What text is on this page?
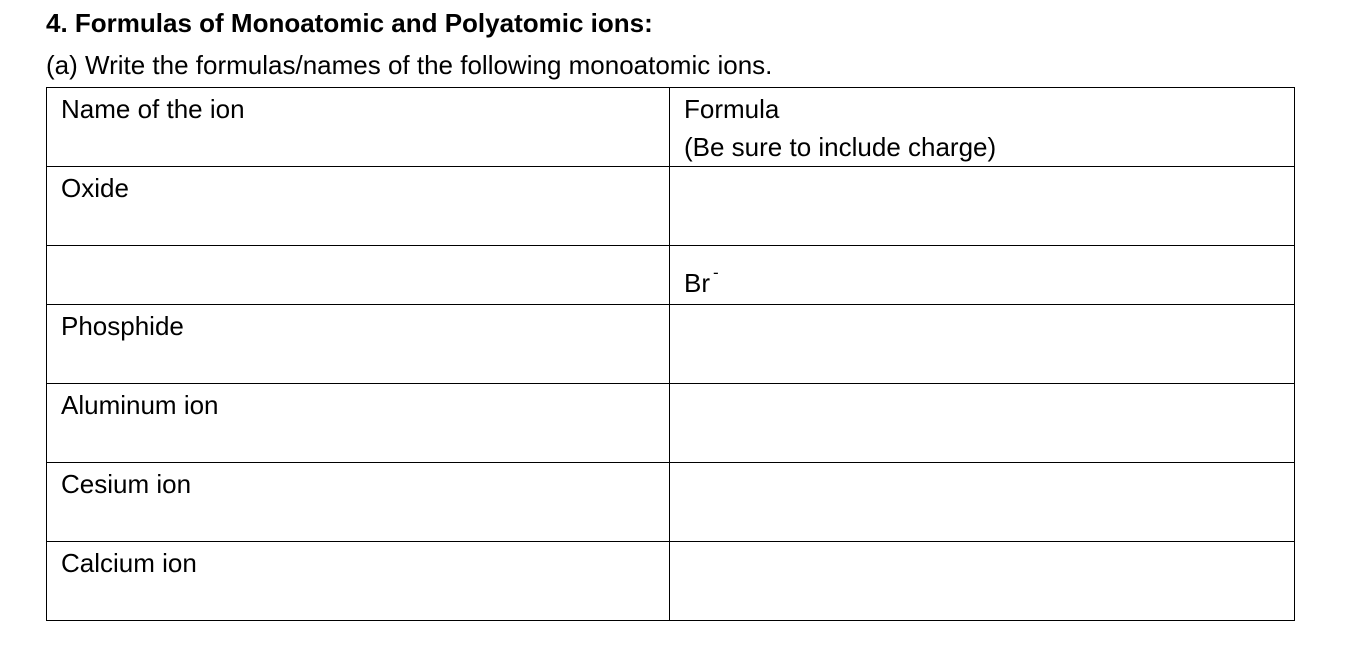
4. Formulas of Monoatomic and Polyatomic ions:
(a) Write the formulas/names of the following monoatomic ions.
Name of the ion	Formula
(Be sure to include charge)

Oxide	
	Br -
Phosphide	
Aluminum ion	
Cesium ion	
Calcium ion	
